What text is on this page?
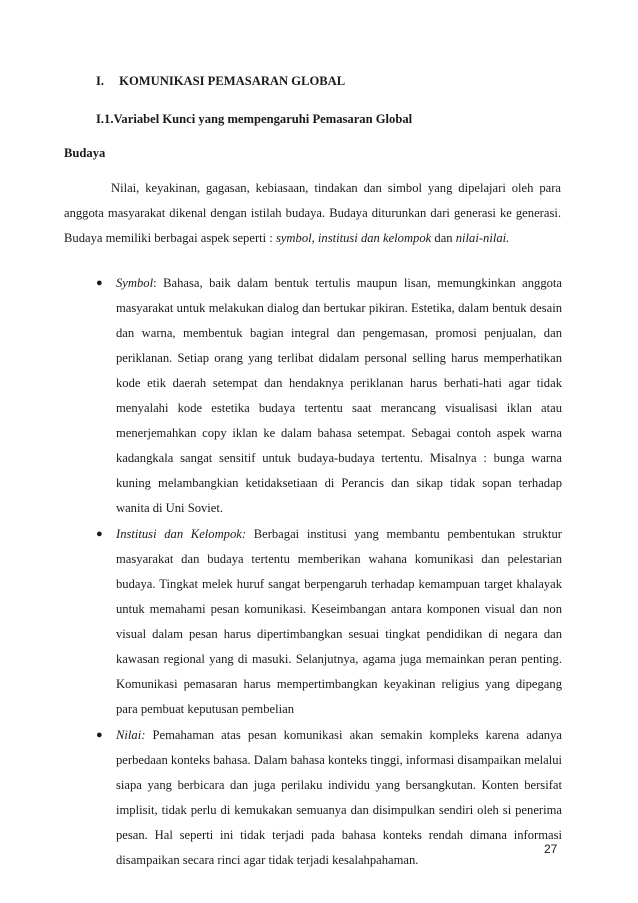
I. KOMUNIKASI PEMASARAN GLOBAL
I.1.Variabel Kunci yang mempengaruhi Pemasaran Global
Budaya

Nilai, keyakinan, gagasan, kebiasaan, tindakan dan simbol yang dipelajari oleh para anggota masyarakat dikenal dengan istilah budaya. Budaya diturunkan dari generasi ke generasi. Budaya memiliki berbagai aspek seperti : symbol, institusi dan kelompok dan nilai-nilai.

● Symbol: Bahasa, baik dalam bentuk tertulis maupun lisan, memungkinkan anggota masyarakat untuk melakukan dialog dan bertukar pikiran. Estetika, dalam bentuk desain dan warna, membentuk bagian integral dan pengemasan, promosi penjualan, dan periklanan. Setiap orang yang terlibat didalam personal selling harus memperhatikan kode etik daerah setempat dan hendaknya periklanan harus berhati-hati agar tidak menyalahi kode estetika budaya tertentu saat merancang visualisasi iklan atau menerjemahkan copy iklan ke dalam bahasa setempat. Sebagai contoh aspek warna kadangkala sangat sensitif untuk budaya-budaya tertentu. Misalnya : bunga warna kuning melambangkian ketidaksetiaan di Perancis dan sikap tidak sopan terhadap wanita di Uni Soviet.
● Institusi dan Kelompok: Berbagai institusi yang membantu pembentukan struktur masyarakat dan budaya tertentu memberikan wahana komunikasi dan pelestarian budaya. Tingkat melek huruf sangat berpengaruh terhadap kemampuan target khalayak untuk memahami pesan komunikasi. Keseimbangan antara komponen visual dan non visual dalam pesan harus dipertimbangkan sesuai tingkat pendidikan di negara dan kawasan regional yang di masuki. Selanjutnya, agama juga memainkan peran penting. Komunikasi pemasaran harus mempertimbangkan keyakinan religius yang dipegang para pembuat keputusan pembelian
● Nilai: Pemahaman atas pesan komunikasi akan semakin kompleks karena adanya perbedaan konteks bahasa. Dalam bahasa konteks tinggi, informasi disampaikan melalui siapa yang berbicara dan juga perilaku individu yang bersangkutan. Konten bersifat implisit, tidak perlu di kemukakan semuanya dan disimpulkan sendiri oleh si penerima pesan. Hal seperti ini tidak terjadi pada bahasa konteks rendah dimana informasi disampaikan secara rinci agar tidak terjadi kesalahpahaman.
27
